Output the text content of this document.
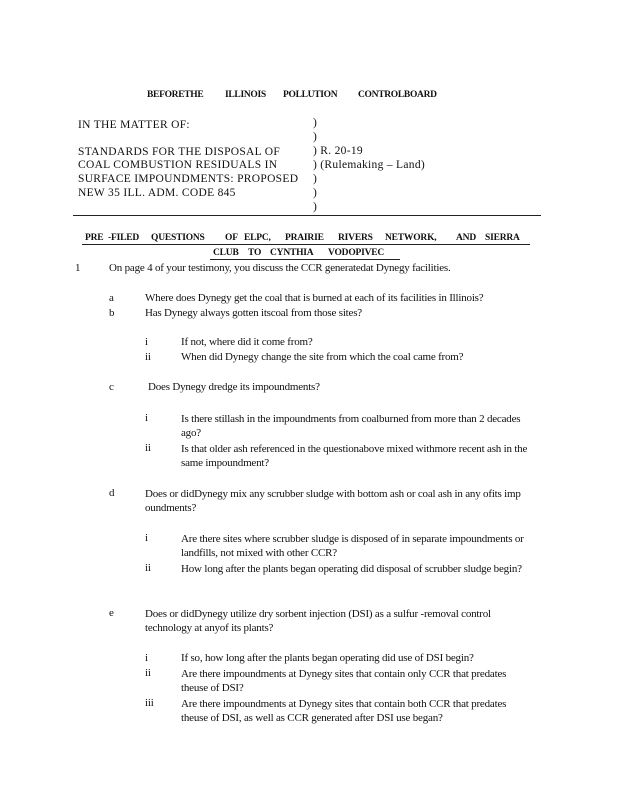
BEFORETHE ILLINOIS POLLUTION CONTROLBOARD
IN THE MATTER OF:
STANDARDS FOR THE DISPOSAL OF
COAL COMBUSTION RESIDUALS IN
SURFACE IMPOUNDMENTS: PROPOSED
NEW 35 ILL. ADM. CODE 845
)
)
) R. 20-19
) (Rulemaking – Land)
)
)
)
PRE -FILED QUESTIONS OF ELPC, PRAIRIE RIVERS NETWORK, AND SIERRA
CLUB TO CYNTHIA VODOPIVEC
1	On page 4 of your testimony, you discuss the CCR generatedat Dynegy facilities.
a	Where does Dynegy get the coal that is burned at each of its facilities in Illinois?
b	Has Dynegy always gotten itscoal from those sites?
i	If not, where did it come from?
ii	When did Dynegy change the site from which the coal came from?
c	Does Dynegy dredge its impoundments?
i	Is there stillash in the impoundments from coalburned from more than 2 decades ago?
ii	Is that older ash referenced in the questionabove mixed withmore recent ash in the same impoundment?
d	Does or didDynegy mix any scrubber sludge with bottom ash or coal ash in any ofits imp oundments?
i	Are there sites where scrubber sludge is disposed of in separate impoundments or landfills, not mixed with other CCR?
ii	How long after the plants began operating did disposal of scrubber sludge begin?
e	Does or didDynegy utilize dry sorbent injection (DSI) as a sulfur -removal control technology at anyof its plants?
i	If so, how long after the plants began operating did use of DSI begin?
ii	Are there impoundments at Dynegy sites that contain only CCR that predates theuse of DSI?
iii Are there impoundments at Dynegy sites that contain both CCR that predates theuse of DSI, as well as CCR generated after DSI use began?
